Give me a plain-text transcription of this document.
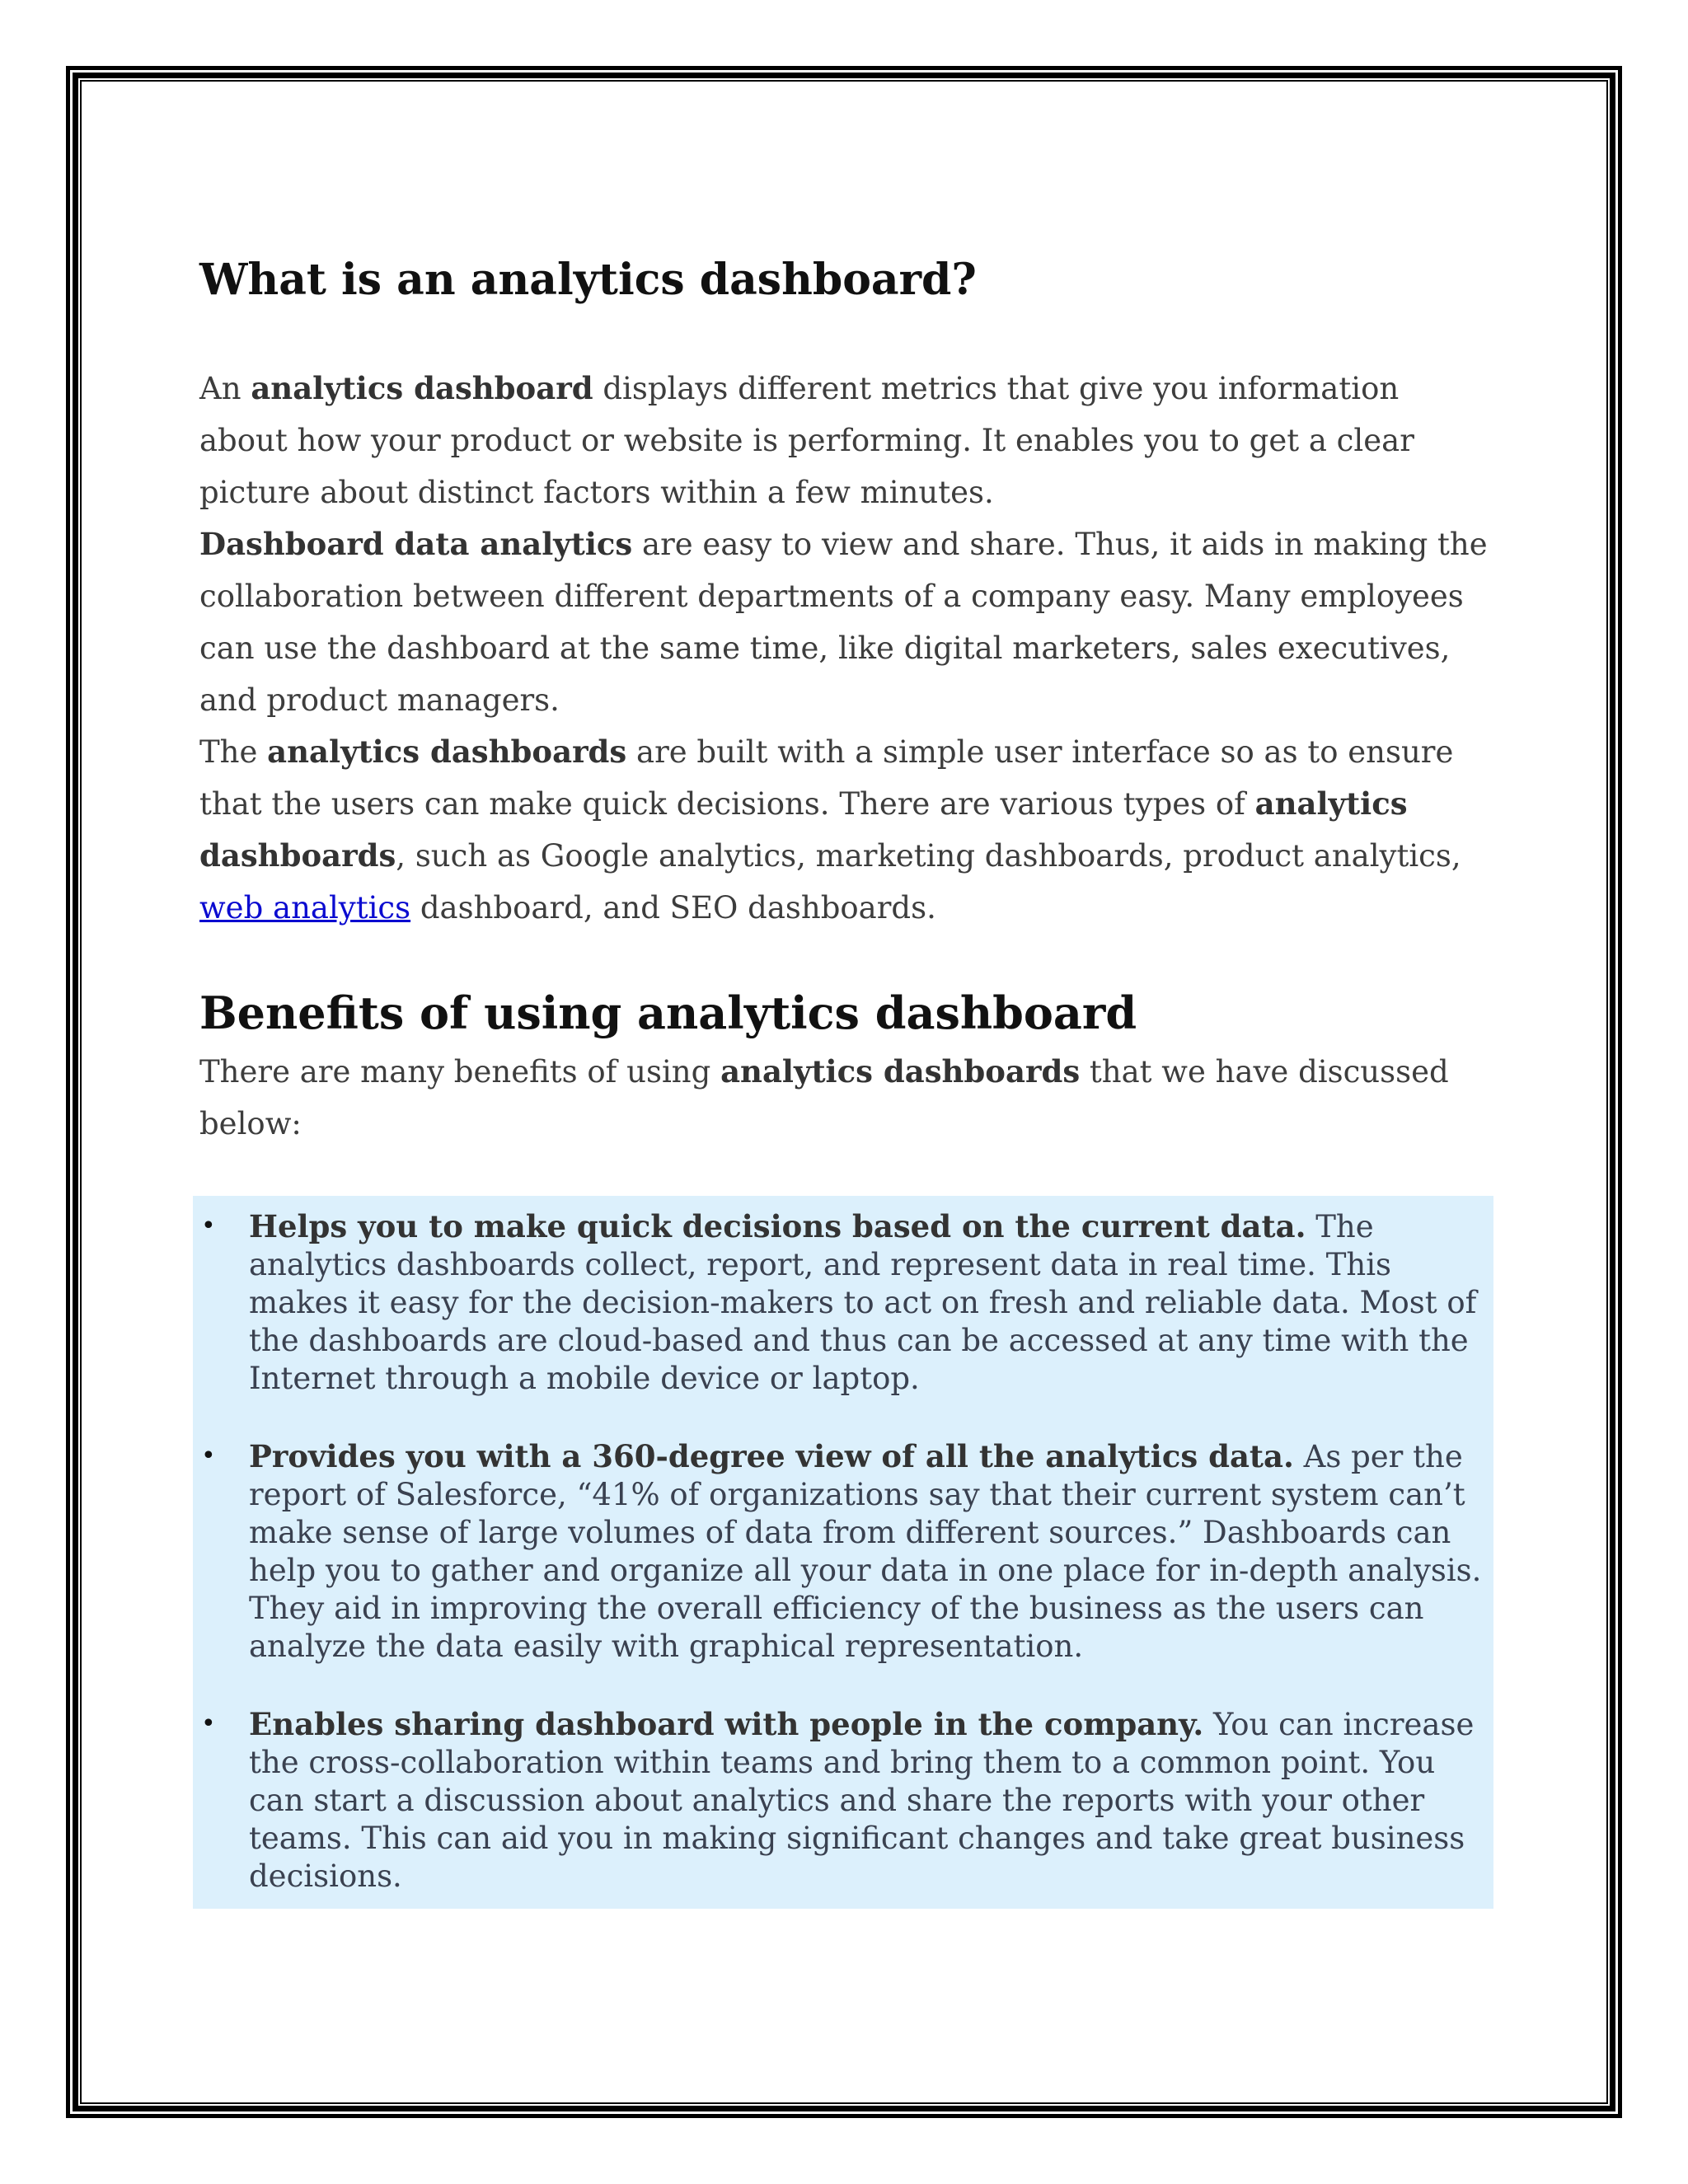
What is an analytics dashboard?

An analytics dashboard displays different metrics that give you information about how your product or website is performing. It enables you to get a clear picture about distinct factors within a few minutes.

Dashboard data analytics are easy to view and share. Thus, it aids in making the collaboration between different departments of a company easy. Many employees can use the dashboard at the same time, like digital marketers, sales executives, and product managers.

The analytics dashboards are built with a simple user interface so as to ensure that the users can make quick decisions. There are various types of analytics dashboards, such as Google analytics, marketing dashboards, product analytics, web analytics dashboard, and SEO dashboards.

Benefits of using analytics dashboard

There are many benefits of using analytics dashboards that we have discussed below:

• Helps you to make quick decisions based on the current data. The analytics dashboards collect, report, and represent data in real time. This makes it easy for the decision-makers to act on fresh and reliable data. Most of the dashboards are cloud-based and thus can be accessed at any time with the Internet through a mobile device or laptop.
• Provides you with a 360-degree view of all the analytics data. As per the report of Salesforce, “41% of organizations say that their current system can’t make sense of large volumes of data from different sources.” Dashboards can help you to gather and organize all your data in one place for in-depth analysis. They aid in improving the overall efficiency of the business as the users can analyze the data easily with graphical representation.
• Enables sharing dashboard with people in the company. You can increase the cross-collaboration within teams and bring them to a common point. You can start a discussion about analytics and share the reports with your other teams. This can aid you in making significant changes and take great business decisions.
